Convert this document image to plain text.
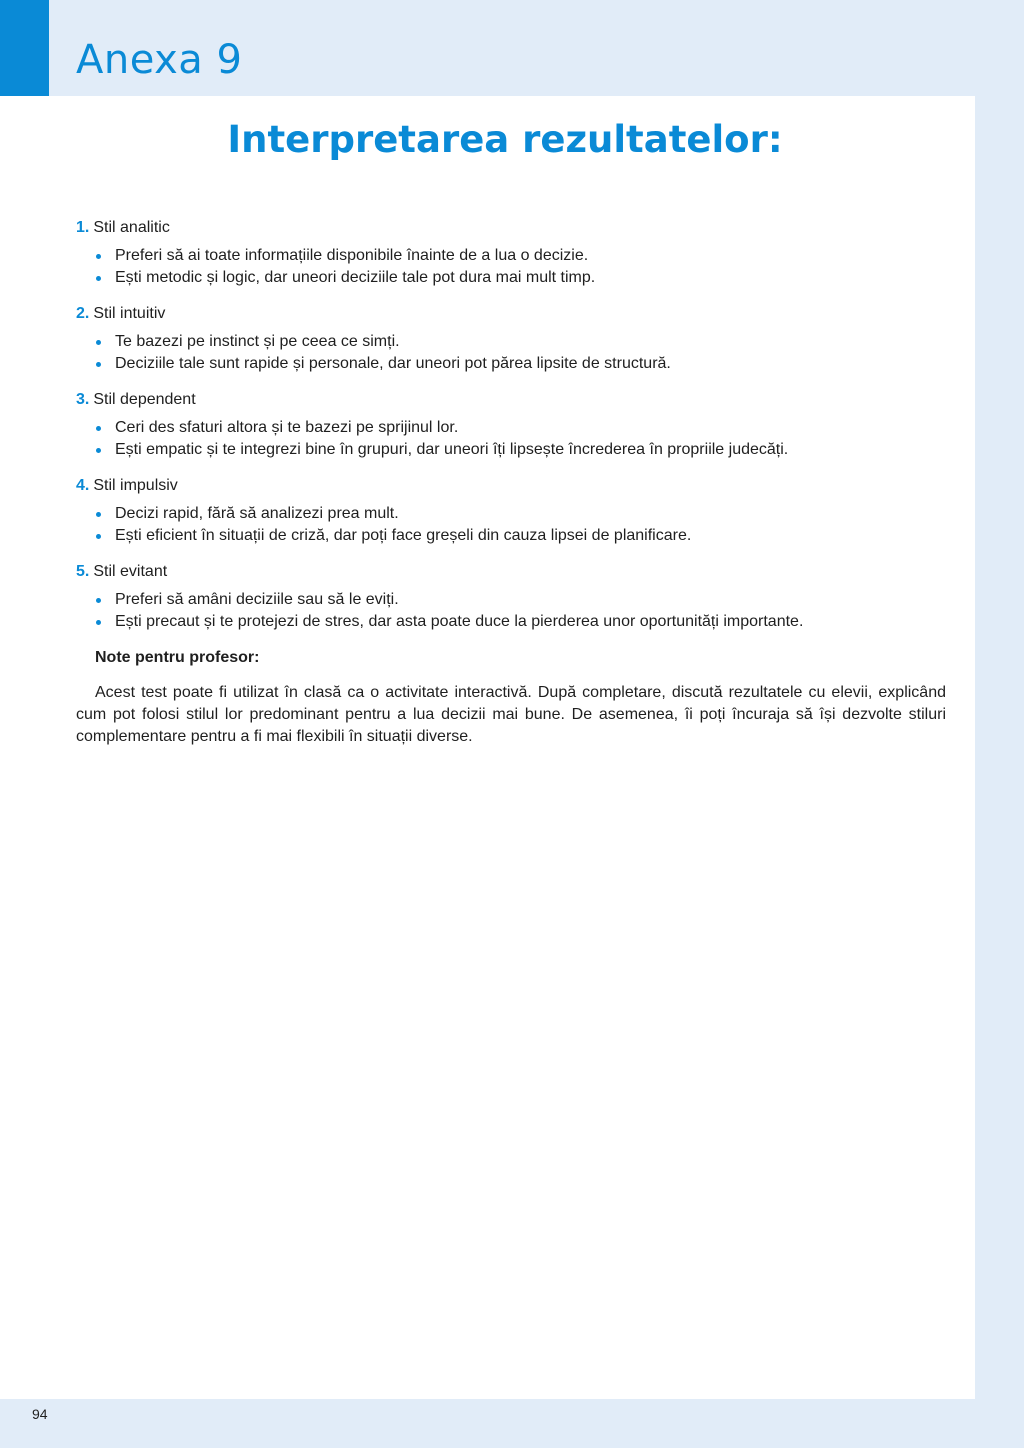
Anexa 9
Interpretarea rezultatelor:
1. Stil analitic
Preferi să ai toate informațiile disponibile înainte de a lua o decizie.
Ești metodic și logic, dar uneori deciziile tale pot dura mai mult timp.
2. Stil intuitiv
Te bazezi pe instinct și pe ceea ce simți.
Deciziile tale sunt rapide și personale, dar uneori pot părea lipsite de structură.
3. Stil dependent
Ceri des sfaturi altora și te bazezi pe sprijinul lor.
Ești empatic și te integrezi bine în grupuri, dar uneori îți lipsește încrederea în propriile judecăți.
4. Stil impulsiv
Decizi rapid, fără să analizezi prea mult.
Ești eficient în situații de criză, dar poți face greșeli din cauza lipsei de planificare.
5. Stil evitant
Preferi să amâni deciziile sau să le eviți.
Ești precaut și te protejezi de stres, dar asta poate duce la pierderea unor oportunități importante.
Note pentru profesor:

Acest test poate fi utilizat în clasă ca o activitate interactivă. După completare, discută rezultatele cu elevii, explicând cum pot folosi stilul lor predominant pentru a lua decizii mai bune. De asemenea, îi poți încuraja să își dezvolte stiluri complementare pentru a fi mai flexibili în situații diverse.

94
